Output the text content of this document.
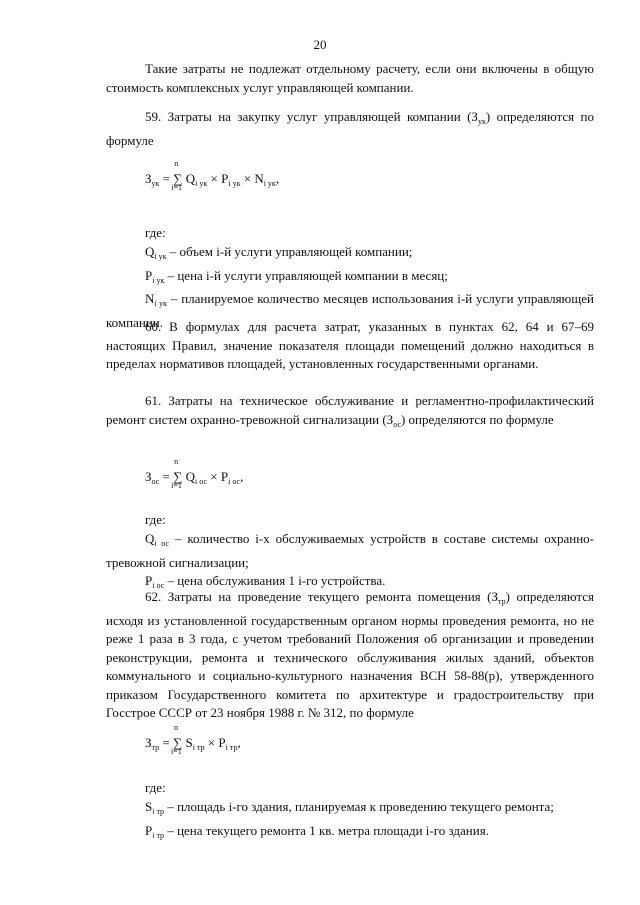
20
Такие затраты не подлежат отдельному расчету, если они включены в общую стоимость комплексных услуг управляющей компании.
59. Затраты на закупку услуг управляющей компании $(З_{ук})$ определяются по формуле
$З_{ук}$ = ∑
n
i=1
$Q_{i ук} \times P_{i ук} \times N_{i ук}$,
где:

$Q_{i ук}$ – объем i-й услуги управляющей компании;

$P_{i ук}$ – цена i-й услуги управляющей компании в месяц;

$N_{i ук}$ – планируемое количество месяцев использования i-й услуги управляющей компании.

60. В формулах для расчета затрат, указанных в пунктах 62, 64 и 67–69 настоящих Правил, значение показателя площади помещений должно находиться в пределах нормативов площадей, установленных государственными органами.
61. Затраты на техническое обслуживание и регламентно-профилактический ремонт систем охранно-тревожной сигнализации $(З_{ос})$ определяются по формуле
$З_{ос}$ = ∑
n
i=1
$Q_{i ос} \times P_{i ос}$,
где:

$Q_{i ос}$ – количество i-х обслуживаемых устройств в составе системы охранно-тревожной сигнализации;

$P_{i ос}$ – цена обслуживания 1 i-го устройства.

62. Затраты на проведение текущего ремонта помещения $(З_{тр})$ определяются исходя из установленной государственным органом нормы проведения ремонта, но не реже 1 раза в 3 года, с учетом требований Положения об организации и проведении реконструкции, ремонта и технического обслуживания жилых зданий, объектов коммунального и социально-культурного назначения ВСН 58-88(р), утвержденного приказом Государственного комитета по архитектуре и градостроительству при Госстрое СССР от 23 ноября 1988 г. № 312, по формуле
$З_{тр}$ = ∑
n
i=1
$S_{i тр} \times P_{i тр}$,
где:

$S_{i тр}$ – площадь i-го здания, планируемая к проведению текущего ремонта;

$P_{i тр}$ – цена текущего ремонта 1 кв. метра площади i-го здания.
